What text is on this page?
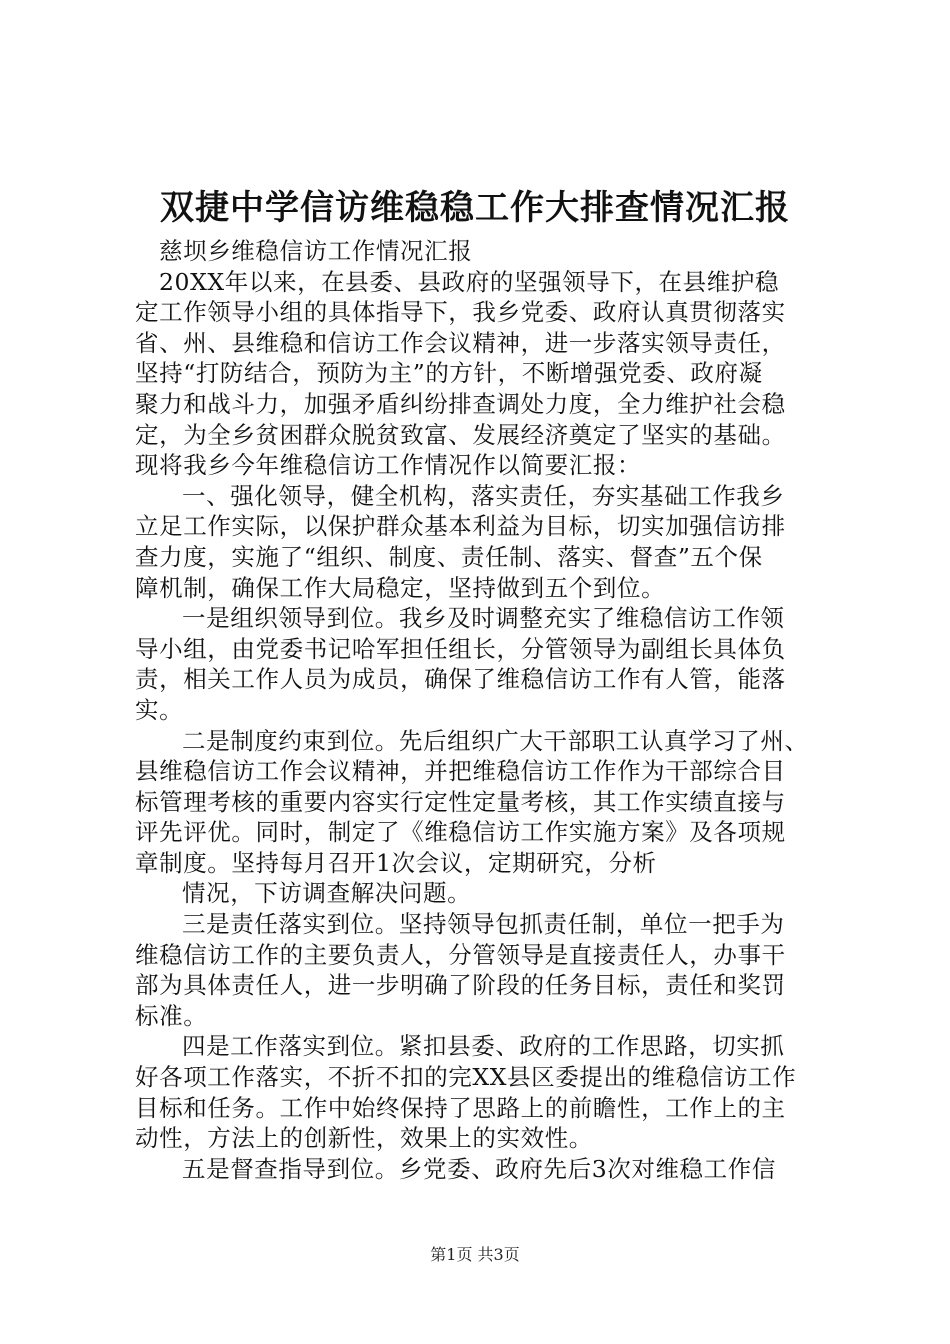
双捷中学信访维稳稳工作大排查情况汇报
慈坝乡维稳信访工作情况汇报
20XX年以来，在县委、县政府的坚强领导下，在县维护稳
定工作领导小组的具体指导下，我乡党委、政府认真贯彻落实
省、州、县维稳和信访工作会议精神，进一步落实领导责任，
坚持“打防结合，预防为主”的方针，不断增强党委、政府凝
聚力和战斗力，加强矛盾纠纷排查调处力度，全力维护社会稳
定，为全乡贫困群众脱贫致富、发展经济奠定了坚实的基础。
现将我乡今年维稳信访工作情况作以简要汇报：
一、强化领导，健全机构，落实责任，夯实基础工作我乡
立足工作实际，以保护群众基本利益为目标，切实加强信访排
查力度，实施了“组织、制度、责任制、落实、督查”五个保
障机制，确保工作大局稳定，坚持做到五个到位。
一是组织领导到位。我乡及时调整充实了维稳信访工作领
导小组，由党委书记哈军担任组长，分管领导为副组长具体负
责，相关工作人员为成员，确保了维稳信访工作有人管，能落
实。
二是制度约束到位。先后组织广大干部职工认真学习了州、
县维稳信访工作会议精神，并把维稳信访工作作为干部综合目
标管理考核的重要内容实行定性定量考核，其工作实绩直接与
评先评优。同时，制定了《维稳信访工作实施方案》及各项规
章制度。坚持每月召开1次会议，定期研究，分析
情况，下访调查解决问题。
三是责任落实到位。坚持领导包抓责任制，单位一把手为
维稳信访工作的主要负责人，分管领导是直接责任人，办事干
部为具体责任人，进一步明确了阶段的任务目标，责任和奖罚
标准。
四是工作落实到位。紧扣县委、政府的工作思路，切实抓
好各项工作落实，不折不扣的完XX县区委提出的维稳信访工作
目标和任务。工作中始终保持了思路上的前瞻性，工作上的主
动性，方法上的创新性，效果上的实效性。
五是督查指导到位。乡党委、政府先后3次对维稳工作信
第1页 共3页
